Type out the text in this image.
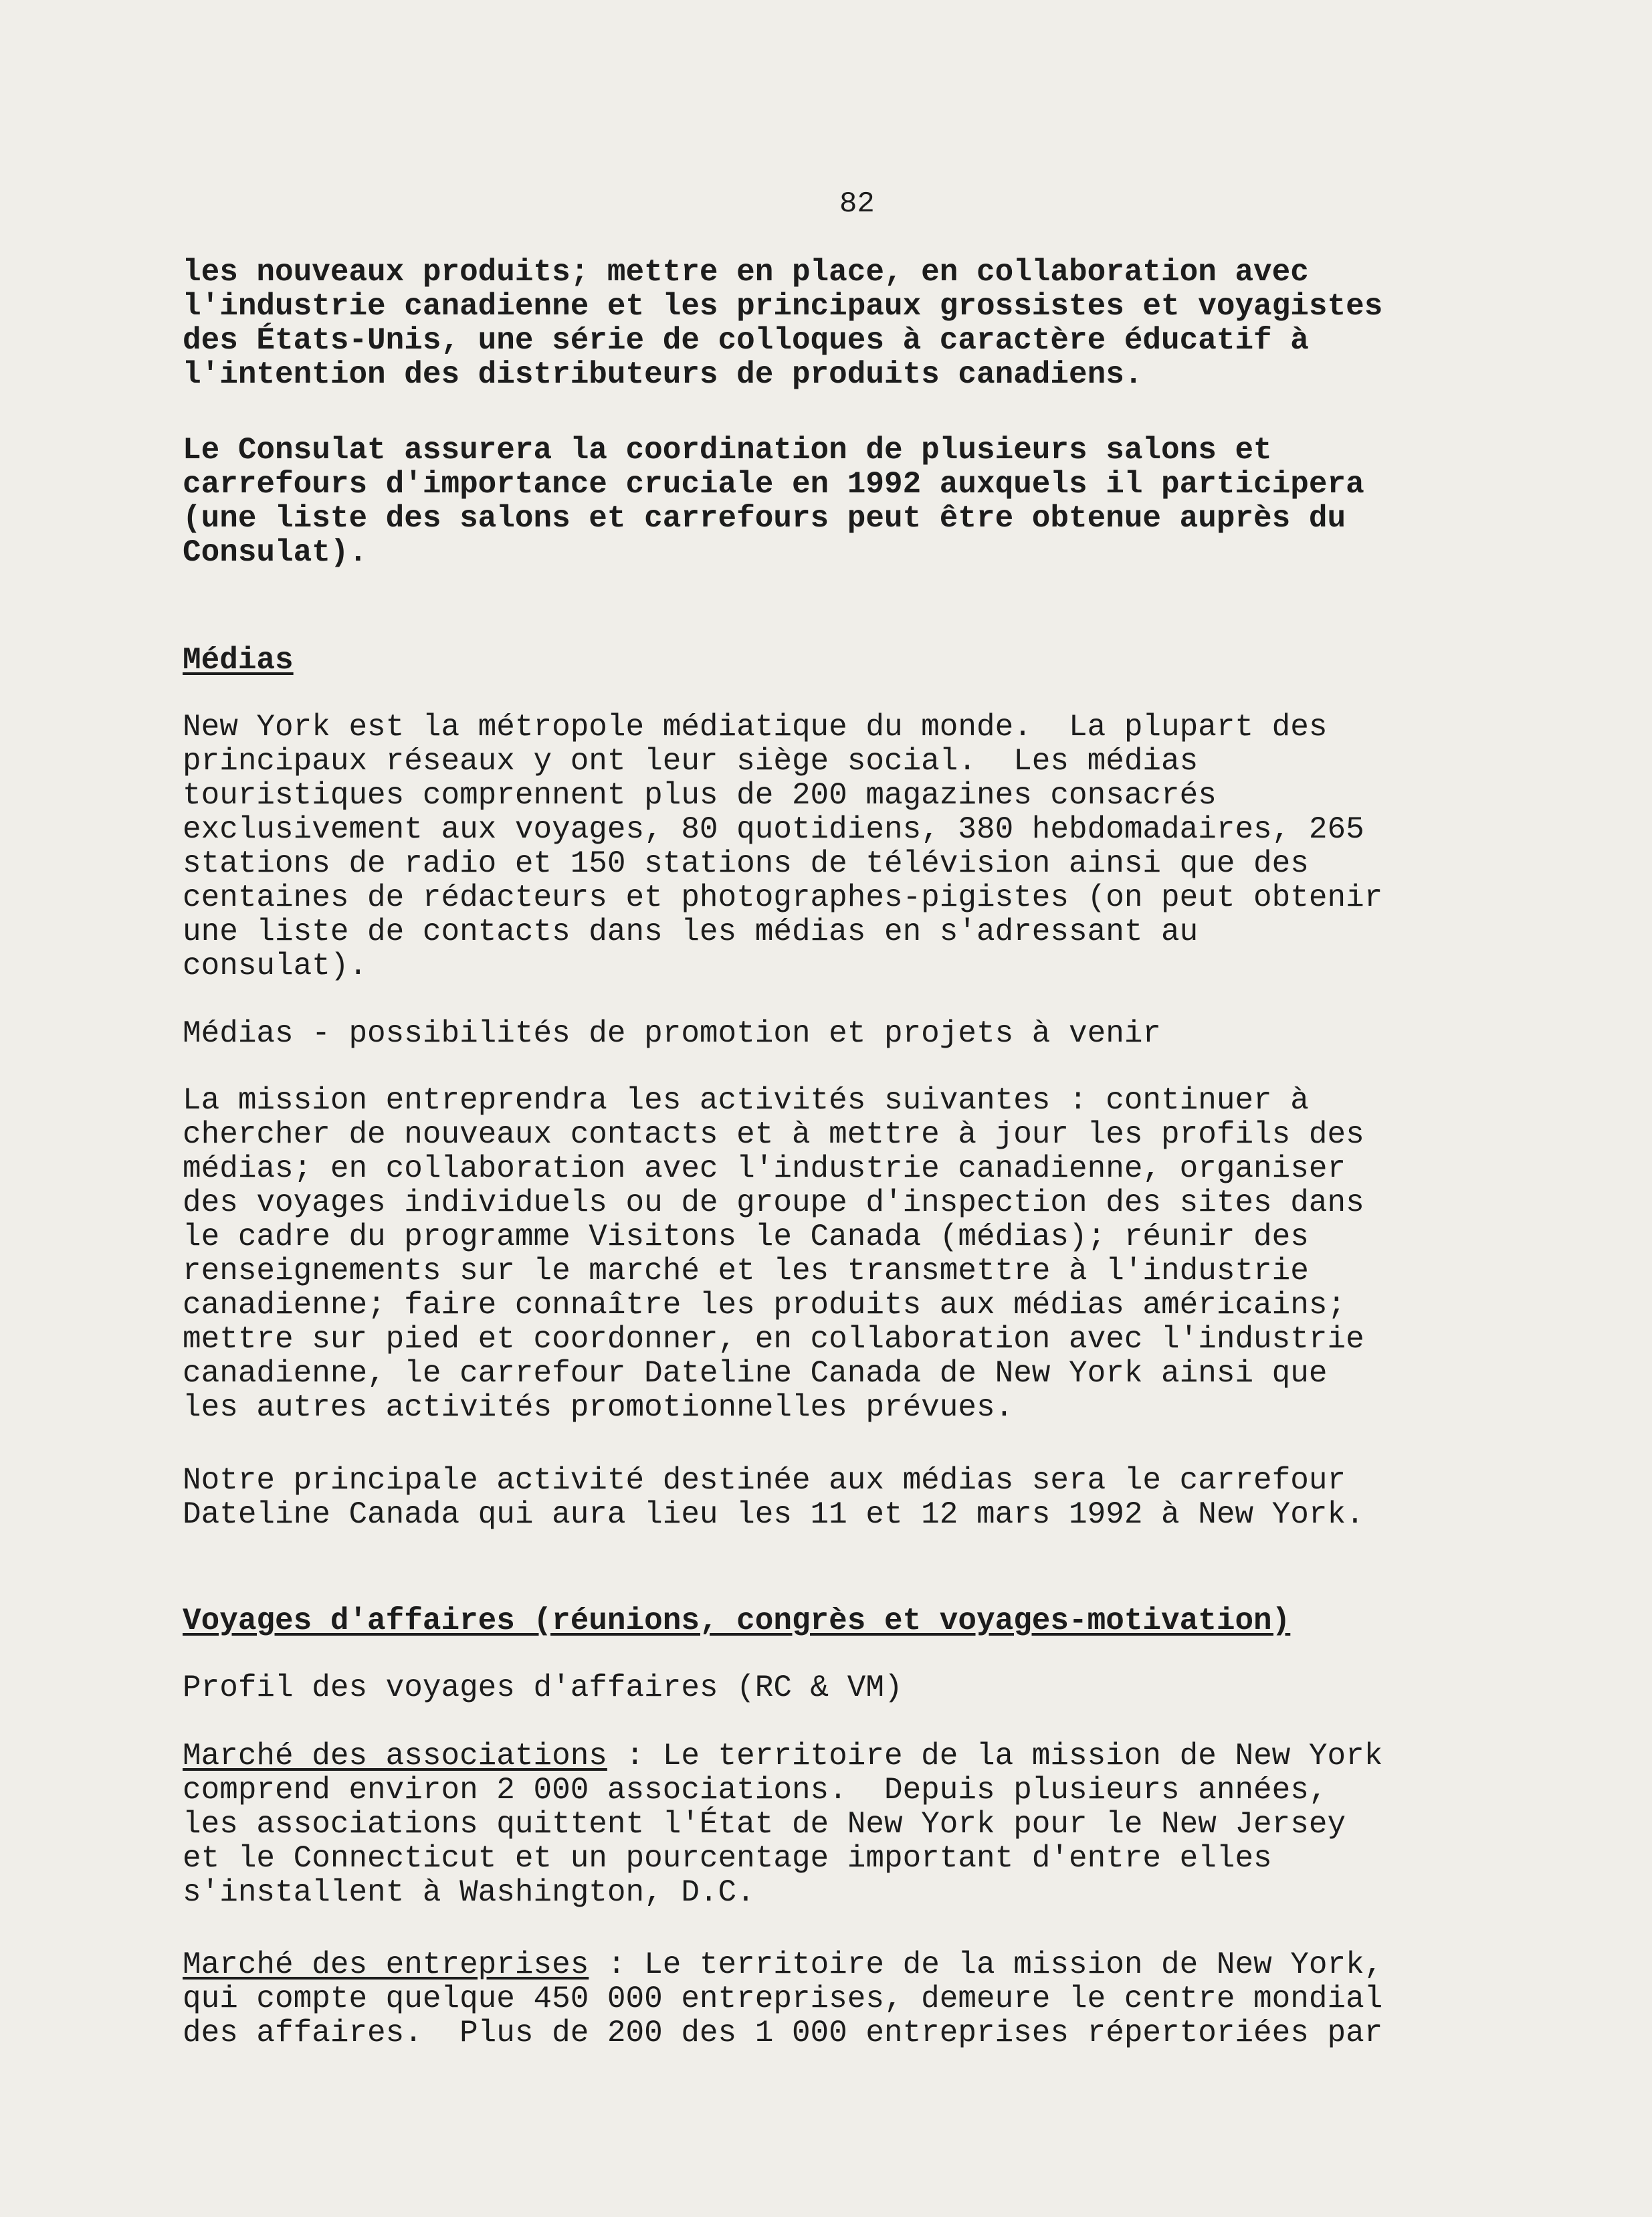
82
les nouveaux produits; mettre en place, en collaboration avec
l'industrie canadienne et les principaux grossistes et voyagistes
des États-Unis, une série de colloques à caractère éducatif à
l'intention des distributeurs de produits canadiens.
Le Consulat assurera la coordination de plusieurs salons et
carrefours d'importance cruciale en 1992 auxquels il participera
(une liste des salons et carrefours peut être obtenue auprès du
Consulat).
Médias
New York est la métropole médiatique du monde.  La plupart des
principaux réseaux y ont leur siège social.  Les médias
touristiques comprennent plus de 200 magazines consacrés
exclusivement aux voyages, 80 quotidiens, 380 hebdomadaires, 265
stations de radio et 150 stations de télévision ainsi que des
centaines de rédacteurs et photographes-pigistes (on peut obtenir
une liste de contacts dans les médias en s'adressant au
consulat).
Médias - possibilités de promotion et projets à venir
La mission entreprendra les activités suivantes : continuer à
chercher de nouveaux contacts et à mettre à jour les profils des
médias; en collaboration avec l'industrie canadienne, organiser
des voyages individuels ou de groupe d'inspection des sites dans
le cadre du programme Visitons le Canada (médias); réunir des
renseignements sur le marché et les transmettre à l'industrie
canadienne; faire connaître les produits aux médias américains;
mettre sur pied et coordonner, en collaboration avec l'industrie
canadienne, le carrefour Dateline Canada de New York ainsi que
les autres activités promotionnelles prévues.
Notre principale activité destinée aux médias sera le carrefour
Dateline Canada qui aura lieu les 11 et 12 mars 1992 à New York.
Voyages d'affaires (réunions, congrès et voyages-motivation)
Profil des voyages d'affaires (RC & VM)
Marché des associations : Le territoire de la mission de New York
comprend environ 2 000 associations.  Depuis plusieurs années,
les associations quittent l'État de New York pour le New Jersey
et le Connecticut et un pourcentage important d'entre elles
s'installent à Washington, D.C.
Marché des entreprises : Le territoire de la mission de New York,
qui compte quelque 450 000 entreprises, demeure le centre mondial
des affaires.  Plus de 200 des 1 000 entreprises répertoriées par
